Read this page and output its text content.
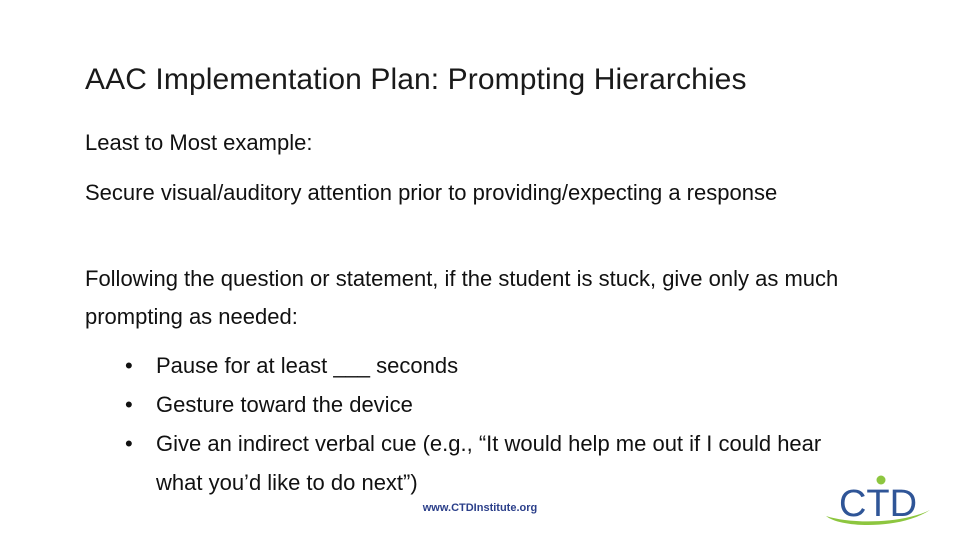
AAC Implementation Plan: Prompting Hierarchies
Least to Most example:
Secure visual/auditory attention prior to providing/expecting a response
Following the question or statement, if the student is stuck, give only as much prompting as needed:
• Pause for at least ___ seconds
• Gesture toward the device
• Give an indirect verbal cue (e.g., “It would help me out if I could hear what you’d like to do next”)
www.CTDInstitute.org	CTD
